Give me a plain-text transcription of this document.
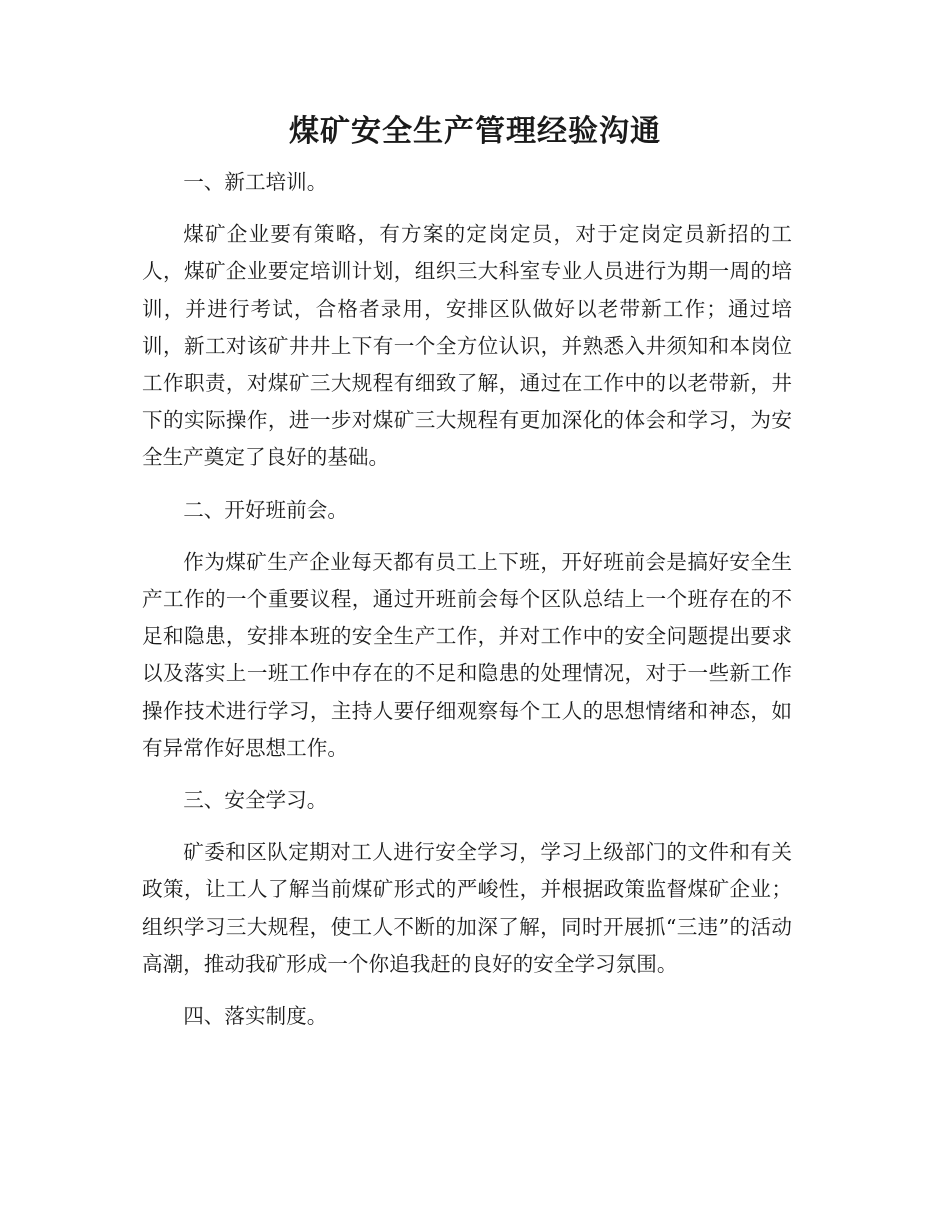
煤矿安全生产管理经验沟通

一、新工培训。

煤矿企业要有策略，有方案的定岗定员，对于定岗定员新招的工人，煤矿企业要定培训计划，组织三大科室专业人员进行为期一周的培训，并进行考试，合格者录用，安排区队做好以老带新工作；通过培训，新工对该矿井井上下有一个全方位认识，并熟悉入井须知和本岗位工作职责，对煤矿三大规程有细致了解，通过在工作中的以老带新，井下的实际操作，进一步对煤矿三大规程有更加深化的体会和学习，为安全生产奠定了良好的基础。

二、开好班前会。

作为煤矿生产企业每天都有员工上下班，开好班前会是搞好安全生产工作的一个重要议程，通过开班前会每个区队总结上一个班存在的不足和隐患，安排本班的安全生产工作，并对工作中的安全问题提出要求以及落实上一班工作中存在的不足和隐患的处理情况，对于一些新工作操作技术进行学习，主持人要仔细观察每个工人的思想情绪和神态，如有异常作好思想工作。

三、安全学习。

矿委和区队定期对工人进行安全学习，学习上级部门的文件和有关政策，让工人了解当前煤矿形式的严峻性，并根据政策监督煤矿企业；组织学习三大规程，使工人不断的加深了解，同时开展抓“三违”的活动高潮，推动我矿形成一个你追我赶的良好的安全学习氛围。

四、落实制度。
